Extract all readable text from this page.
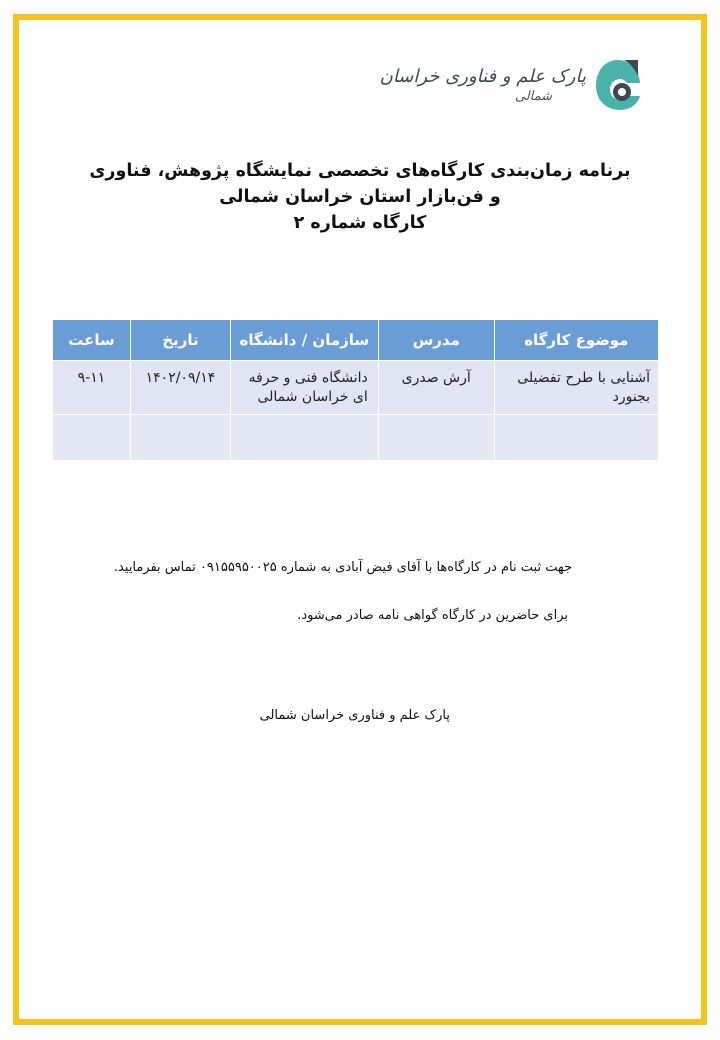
پارک علم و فناوری خراسان
شمالی
برنامه زمان‌بندی کارگاه‌های تخصصی نمایشگاه پژوهش، فناوری
و فن‌بازار استان خراسان شمالی
کارگاه شماره ۲
موضوع کارگاه	مدرس	سازمان / دانشگاه	تاریخ	ساعت
آشنایی با طرح تفضیلی بجنورد	آرش صدری	دانشگاه فنی و حرفه ای خراسان شمالی	۱۴۰۲/۰۹/۱۴	۹-۱۱

جهت ثبت نام در کارگاه‌ها با آقای فیض آبادی به شماره ۰۹۱۵۵۹۵۰۰۲۵ تماس بفرمایید.
برای حاضرین در کارگاه گواهی نامه صادر می‌شود.
پارک علم و فناوری خراسان شمالی
